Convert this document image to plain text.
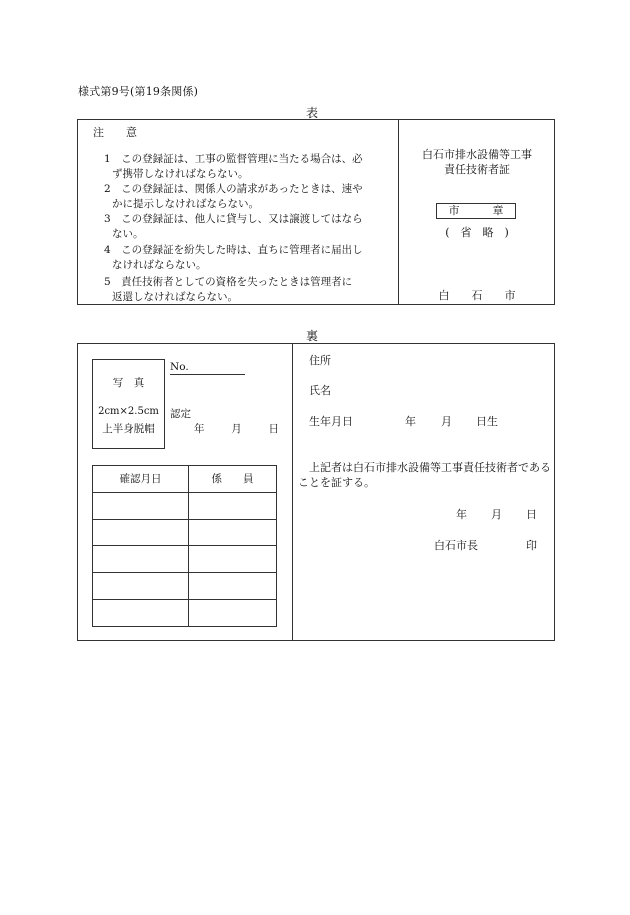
様式第9号(第19条関係)
表
注　　意
1　この登録証は、工事の監督管理に当たる場合は、必
ず携帯しなければならない。
2　この登録証は、関係人の請求があったときは、速や
かに提示しなければならない。
3　この登録証は、他人に貸与し、又は譲渡してはなら
ない。
4　この登録証を紛失した時は、直ちに管理者に届出し
なければならない。
5　責任技術者としての資格を失ったときは管理者に
返還しなければならない。
白石市排水設備等工事
責任技術者証
市　　　章
(　省　略　)
白　　石　　市
裏
写　真
2cm×2.5cm
上半身脱帽
No.
認定
年	月	日
確認月日	係　　員

住所
氏名
生年月日	年 月 日生
上記者は白石市排水設備等工事責任技術者であることを証する。
年 月 日
白石市長	印
